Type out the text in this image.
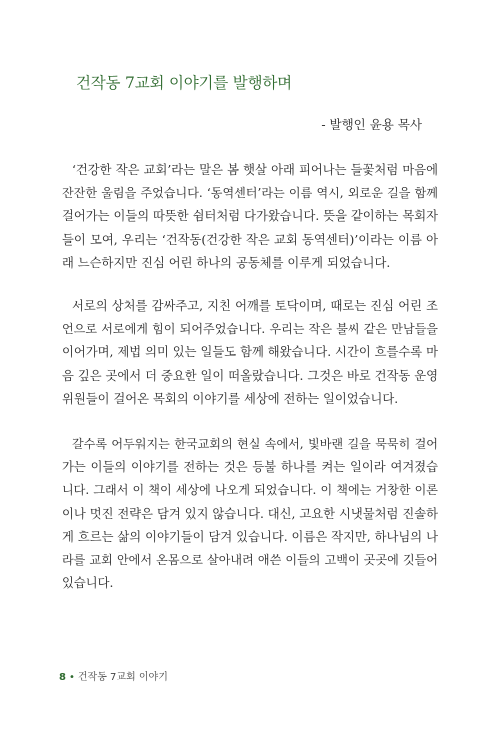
건작동 7교회 이야기를 발행하며
- 발행인 윤용 목사

‘건강한 작은 교회’라는 말은 봄 햇살 아래 피어나는 들꽃처럼 마음에
잔잔한 울림을 주었습니다. ‘동역센터’라는 이름 역시, 외로운 길을 함께
걸어가는 이들의 따뜻한 쉼터처럼 다가왔습니다. 뜻을 같이하는 목회자
들이 모여, 우리는 ‘건작동(건강한 작은 교회 동역센터)’이라는 이름 아
래 느슨하지만 진심 어린 하나의 공동체를 이루게 되었습니다.

서로의 상처를 감싸주고, 지친 어깨를 토닥이며, 때로는 진심 어린 조
언으로 서로에게 힘이 되어주었습니다. 우리는 작은 불씨 같은 만남들을
이어가며, 제법 의미 있는 일들도 함께 해왔습니다. 시간이 흐를수록 마
음 깊은 곳에서 더 중요한 일이 떠올랐습니다. 그것은 바로 건작동 운영
위원들이 걸어온 목회의 이야기를 세상에 전하는 일이었습니다.

갈수록 어두워지는 한국교회의 현실 속에서, 빛바랜 길을 묵묵히 걸어
가는 이들의 이야기를 전하는 것은 등불 하나를 켜는 일이라 여겨졌습
니다. 그래서 이 책이 세상에 나오게 되었습니다. 이 책에는 거창한 이론
이나 멋진 전략은 담겨 있지 않습니다. 대신, 고요한 시냇물처럼 진솔하
게 흐르는 삶의 이야기들이 담겨 있습니다. 이름은 작지만, 하나님의 나
라를 교회 안에서 온몸으로 살아내려 애쓴 이들의 고백이 곳곳에 깃들어
있습니다.

8 • 건작동 7교회 이야기
